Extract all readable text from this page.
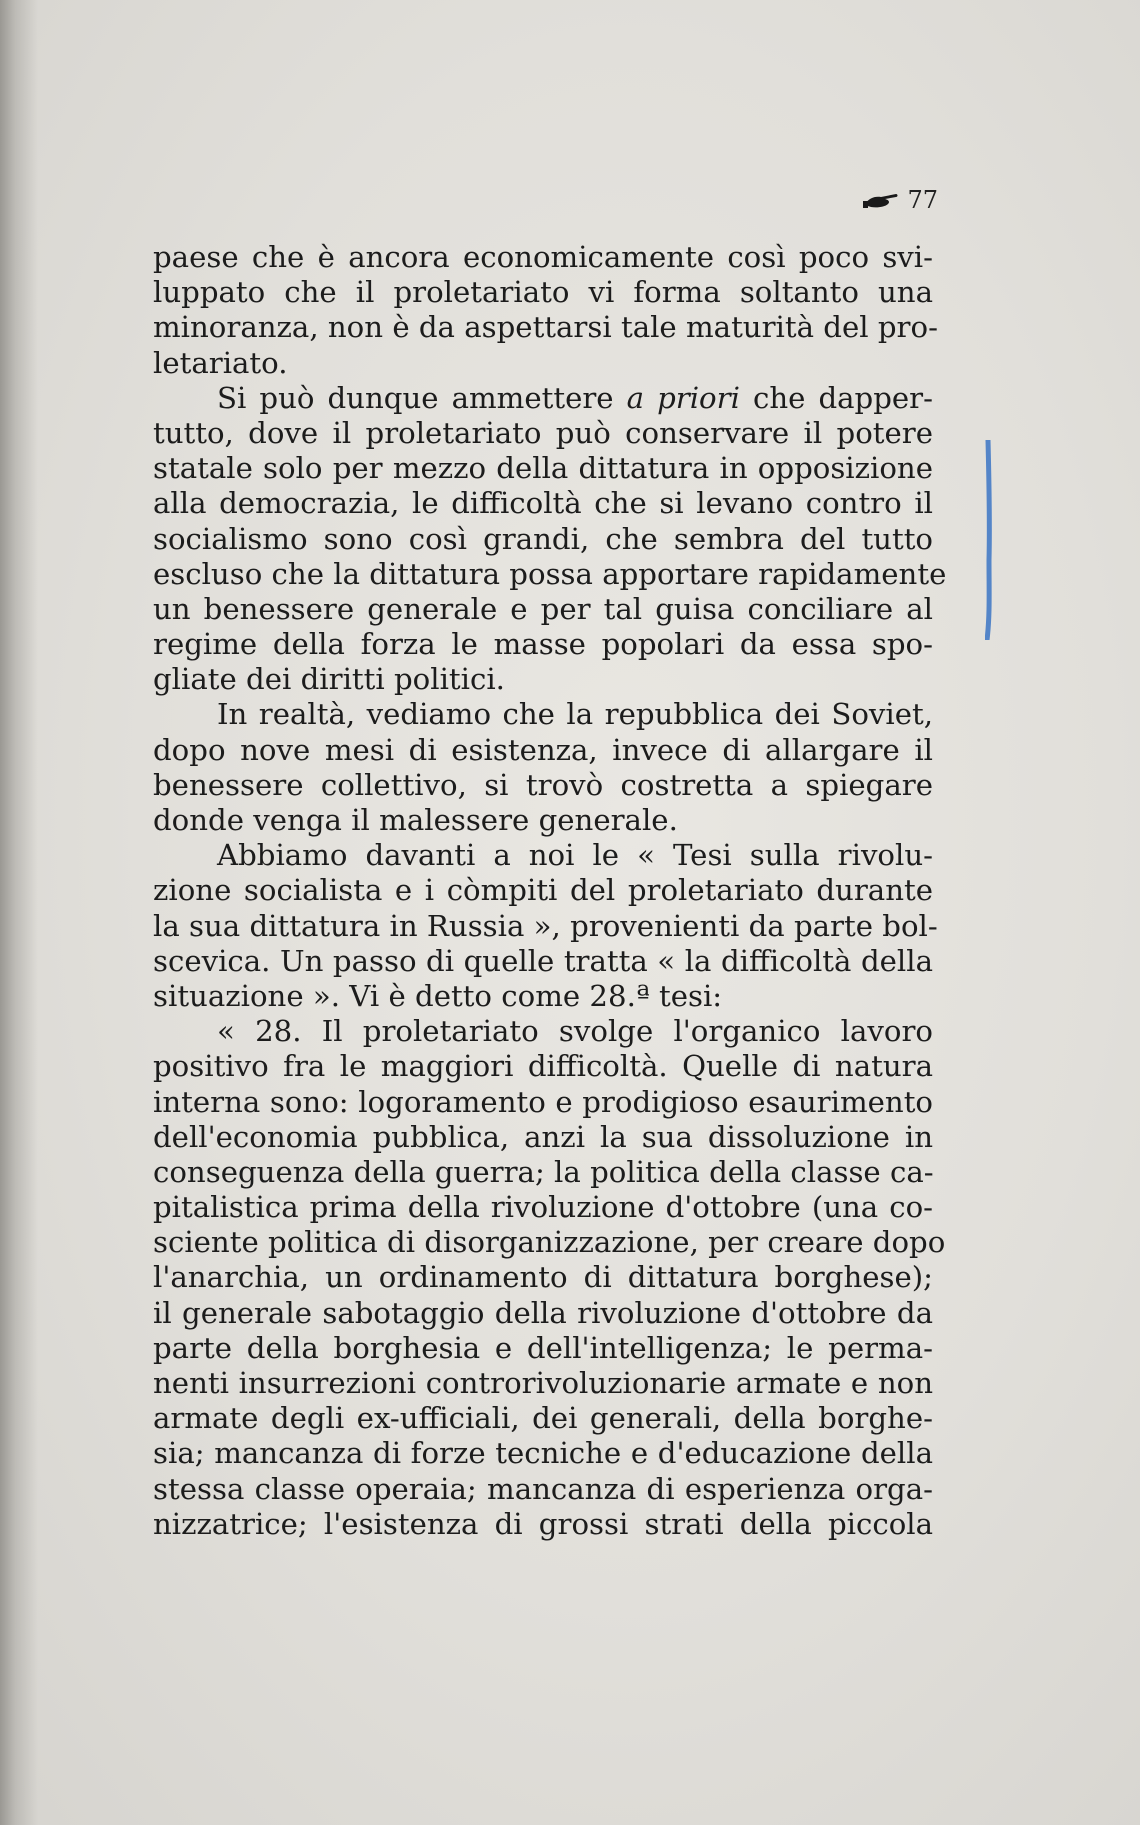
77
paese che è ancora economicamente così poco svi-
luppato che il proletariato vi forma soltanto una
minoranza, non è da aspettarsi tale maturità del pro-
letariato.
Si può dunque ammettere a priori che dapper-
tutto, dove il proletariato può conservare il potere
statale solo per mezzo della dittatura in opposizione
alla democrazia, le difficoltà che si levano contro il
socialismo sono così grandi, che sembra del tutto
escluso che la dittatura possa apportare rapidamente
un benessere generale e per tal guisa conciliare al
regime della forza le masse popolari da essa spo-
gliate dei diritti politici.
In realtà, vediamo che la repubblica dei Soviet,
dopo nove mesi di esistenza, invece di allargare il
benessere collettivo, si trovò costretta a spiegare
donde venga il malessere generale.
Abbiamo davanti a noi le « Tesi sulla rivolu-
zione socialista e i còmpiti del proletariato durante
la sua dittatura in Russia », provenienti da parte bol-
scevica. Un passo di quelle tratta « la difficoltà della
situazione ». Vi è detto come 28.ª tesi:
« 28. Il proletariato svolge l'organico lavoro
positivo fra le maggiori difficoltà. Quelle di natura
interna sono: logoramento e prodigioso esaurimento
dell'economia pubblica, anzi la sua dissoluzione in
conseguenza della guerra; la politica della classe ca-
pitalistica prima della rivoluzione d'ottobre (una co-
sciente politica di disorganizzazione, per creare dopo
l'anarchia, un ordinamento di dittatura borghese);
il generale sabotaggio della rivoluzione d'ottobre da
parte della borghesia e dell'intelligenza; le perma-
nenti insurrezioni controrivoluzionarie armate e non
armate degli ex-ufficiali, dei generali, della borghe-
sia; mancanza di forze tecniche e d'educazione della
stessa classe operaia; mancanza di esperienza orga-
nizzatrice; l'esistenza di grossi strati della piccola
